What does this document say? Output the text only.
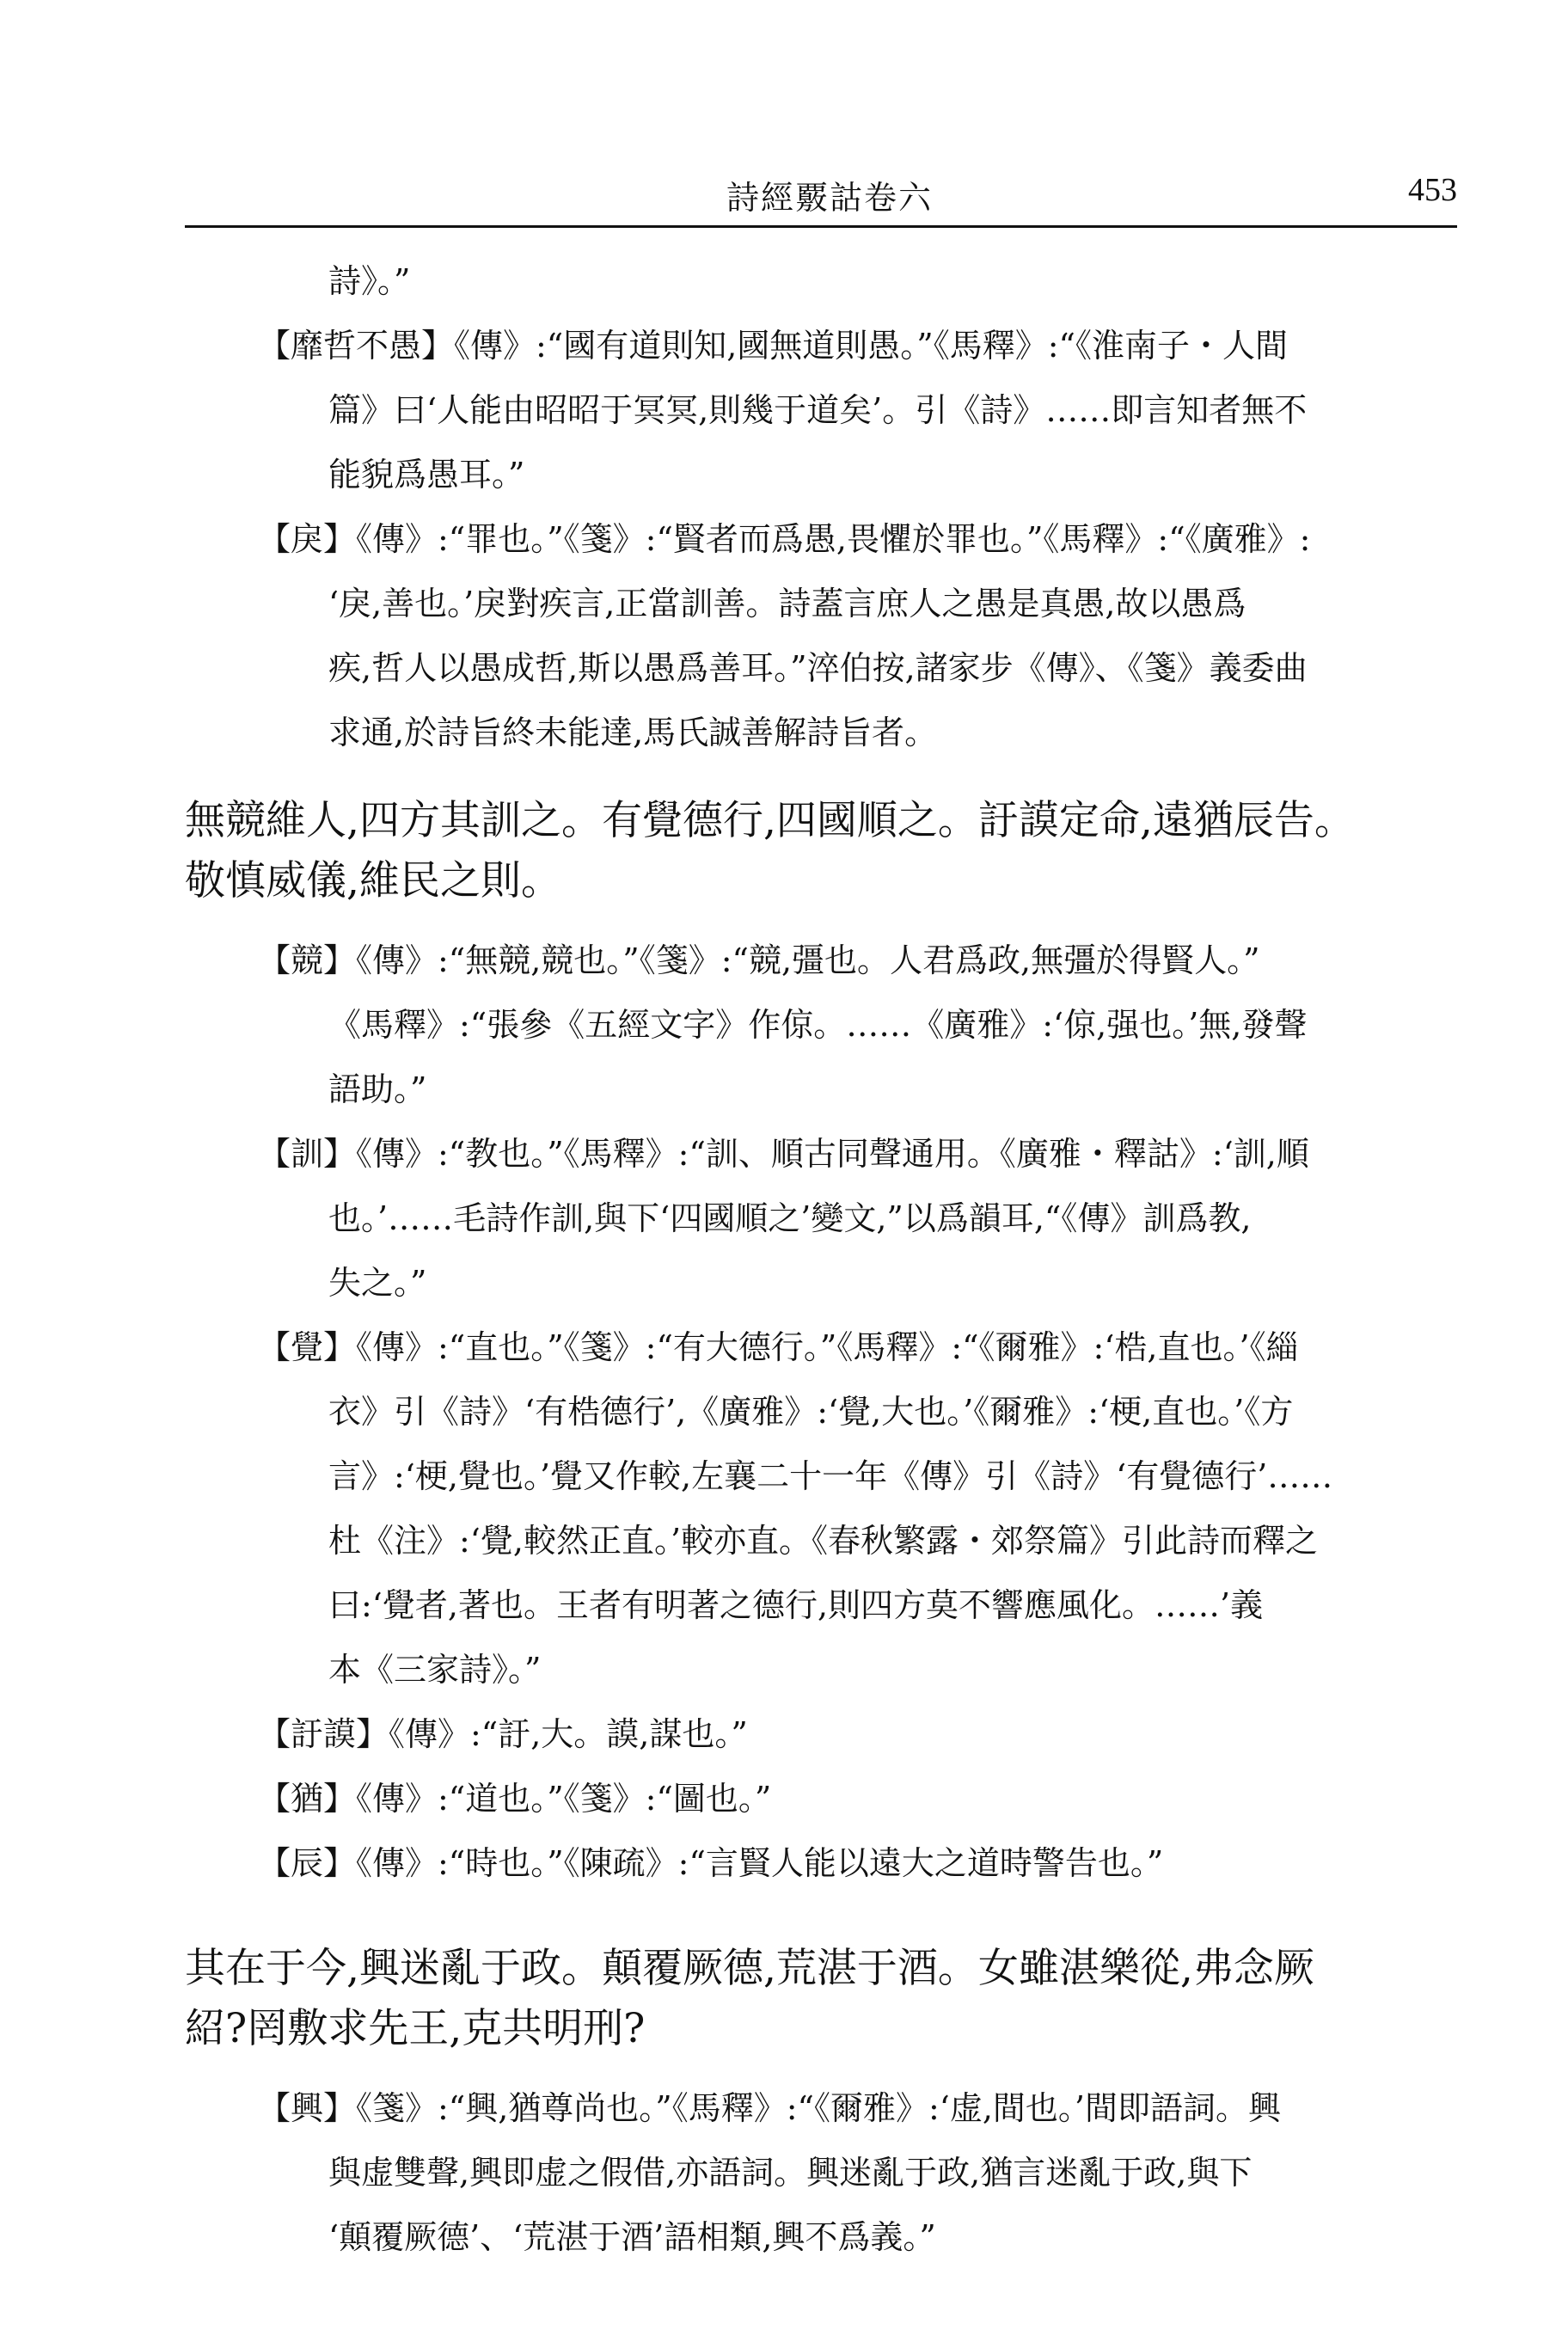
詩經覈詁卷六	453
詩》。”
【靡哲不愚】《傳》:“國有道則知,國無道則愚。”《馬釋》:“《淮南子・人間
篇》曰‘人能由昭昭于冥冥,則幾于道矣’。引《詩》……即言知者無不
能貌爲愚耳。”
【戾】《傳》:“罪也。”《箋》:“賢者而爲愚,畏懼於罪也。”《馬釋》:“《廣雅》:
‘戾,善也。’戾對疾言,正當訓善。詩蓋言庶人之愚是真愚,故以愚爲
疾,哲人以愚成哲,斯以愚爲善耳。”淬伯按,諸家步《傳》、《箋》義委曲
求通,於詩旨終未能達,馬氏誠善解詩旨者。
無競維人,四方其訓之。有覺德行,四國順之。訏謨定命,遠猶辰告。
敬慎威儀,維民之則。
【競】《傳》:“無競,競也。”《箋》:“競,彊也。人君爲政,無彊於得賢人。”
《馬釋》:“張參《五經文字》作倞。……《廣雅》:‘倞,强也。’無,發聲
語助。”
【訓】《傳》:“教也。”《馬釋》:“訓、順古同聲通用。《廣雅・釋詁》:‘訓,順
也。’……毛詩作訓,與下‘四國順之’變文,”以爲韻耳,“《傳》訓爲教,
失之。”
【覺】《傳》:“直也。”《箋》:“有大德行。”《馬釋》:“《爾雅》:‘梏,直也。’《緇
衣》引《詩》‘有梏德行’,《廣雅》:‘覺,大也。’《爾雅》:‘梗,直也。’《方
言》:‘梗,覺也。’覺又作較,左襄二十一年《傳》引《詩》‘有覺德行’……
杜《注》:‘覺,較然正直。’較亦直。《春秋繁露・郊祭篇》引此詩而釋之
曰:‘覺者,著也。王者有明著之德行,則四方莫不響應風化。……’義
本《三家詩》。”
【訏謨】《傳》:“訏,大。謨,謀也。”
【猶】《傳》:“道也。”《箋》:“圖也。”
【辰】《傳》:“時也。”《陳疏》:“言賢人能以遠大之道時警告也。”
其在于今,興迷亂于政。顛覆厥德,荒湛于酒。女雖湛樂從,弗念厥
紹?罔敷求先王,克共明刑?
【興】《箋》:“興,猶尊尚也。”《馬釋》:“《爾雅》:‘虚,間也。’間即語詞。興
與虚雙聲,興即虚之假借,亦語詞。興迷亂于政,猶言迷亂于政,與下
‘顛覆厥德’、‘荒湛于酒’語相類,興不爲義。”
